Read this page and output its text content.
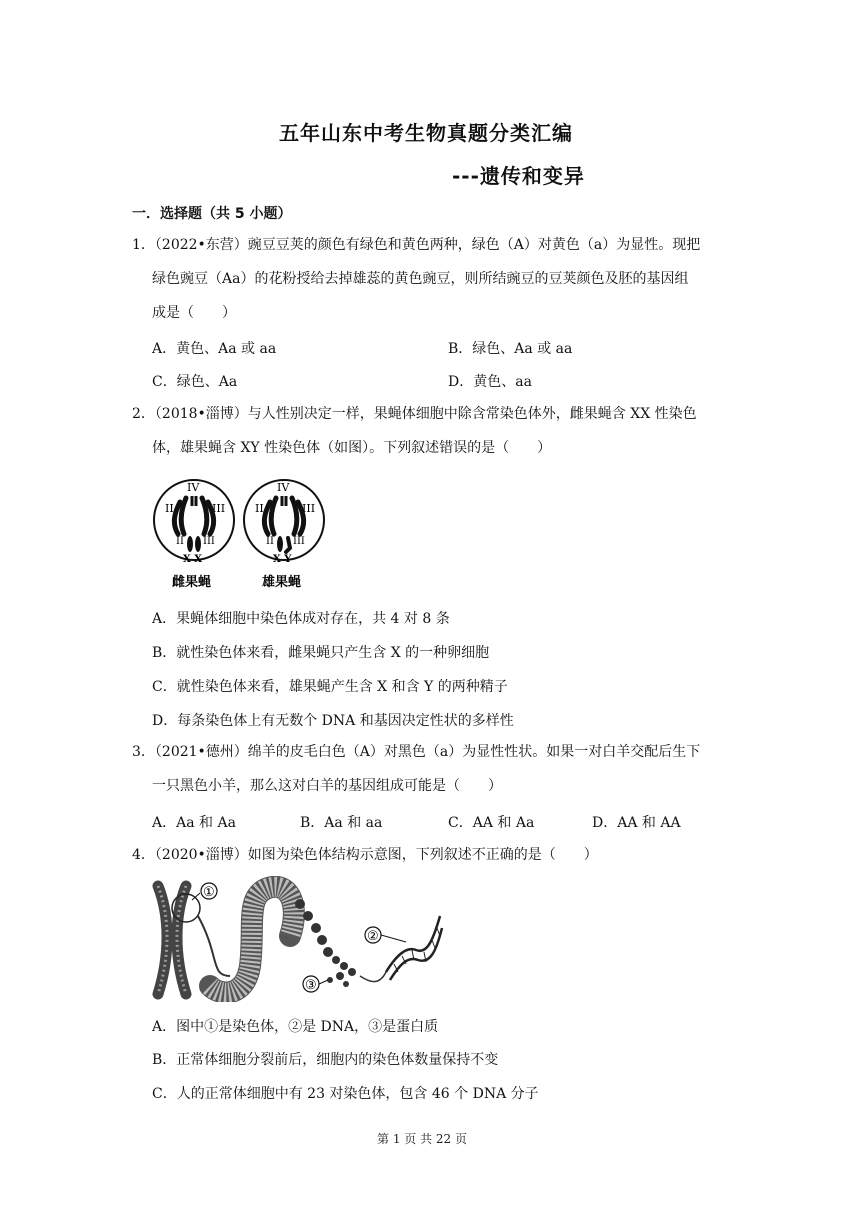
五年山东中考生物真题分类汇编
---遗传和变异
一．选择题（共 5 小题）
1．（2022•东营）豌豆豆荚的颜色有绿色和黄色两种，绿色（A）对黄色（a）为显性。现把
绿色豌豆（Aa）的花粉授给去掉雄蕊的黄色豌豆，则所结豌豆的豆荚颜色及胚的基因组
成是（　　）
A．黄色、Aa 或 aa	B．绿色、Aa 或 aa
C．绿色、Aa	D．黄色、aa
2．（2018•淄博）与人性别决定一样，果蝇体细胞中除含常染色体外，雌果蝇含 XX 性染色
体，雄果蝇含 XY 性染色体（如图）。下列叙述错误的是（　　）
IV
II	III
II III
X X
IV
II	III
II III
X Y
雌果蝇	雄果蝇
A．果蝇体细胞中染色体成对存在，共 4 对 8 条
B．就性染色体来看，雌果蝇只产生含 X 的一种卵细胞
C．就性染色体来看，雄果蝇产生含 X 和含 Y 的两种精子
D．每条染色体上有无数个 DNA 和基因决定性状的多样性
3．（2021•德州）绵羊的皮毛白色（A）对黑色（a）为显性性状。如果一对白羊交配后生下
一只黑色小羊，那么这对白羊的基因组成可能是（　　）
A．Aa 和 Aa	B．Aa 和 aa	C．AA 和 Aa	D．AA 和 AA
4．（2020•淄博）如图为染色体结构示意图，下列叙述不正确的是（　　）
①
②
③
A．图中①是染色体，②是 DNA，③是蛋白质
B．正常体细胞分裂前后，细胞内的染色体数量保持不变
C．人的正常体细胞中有 23 对染色体，包含 46 个 DNA 分子
第 1 页 共 22 页
